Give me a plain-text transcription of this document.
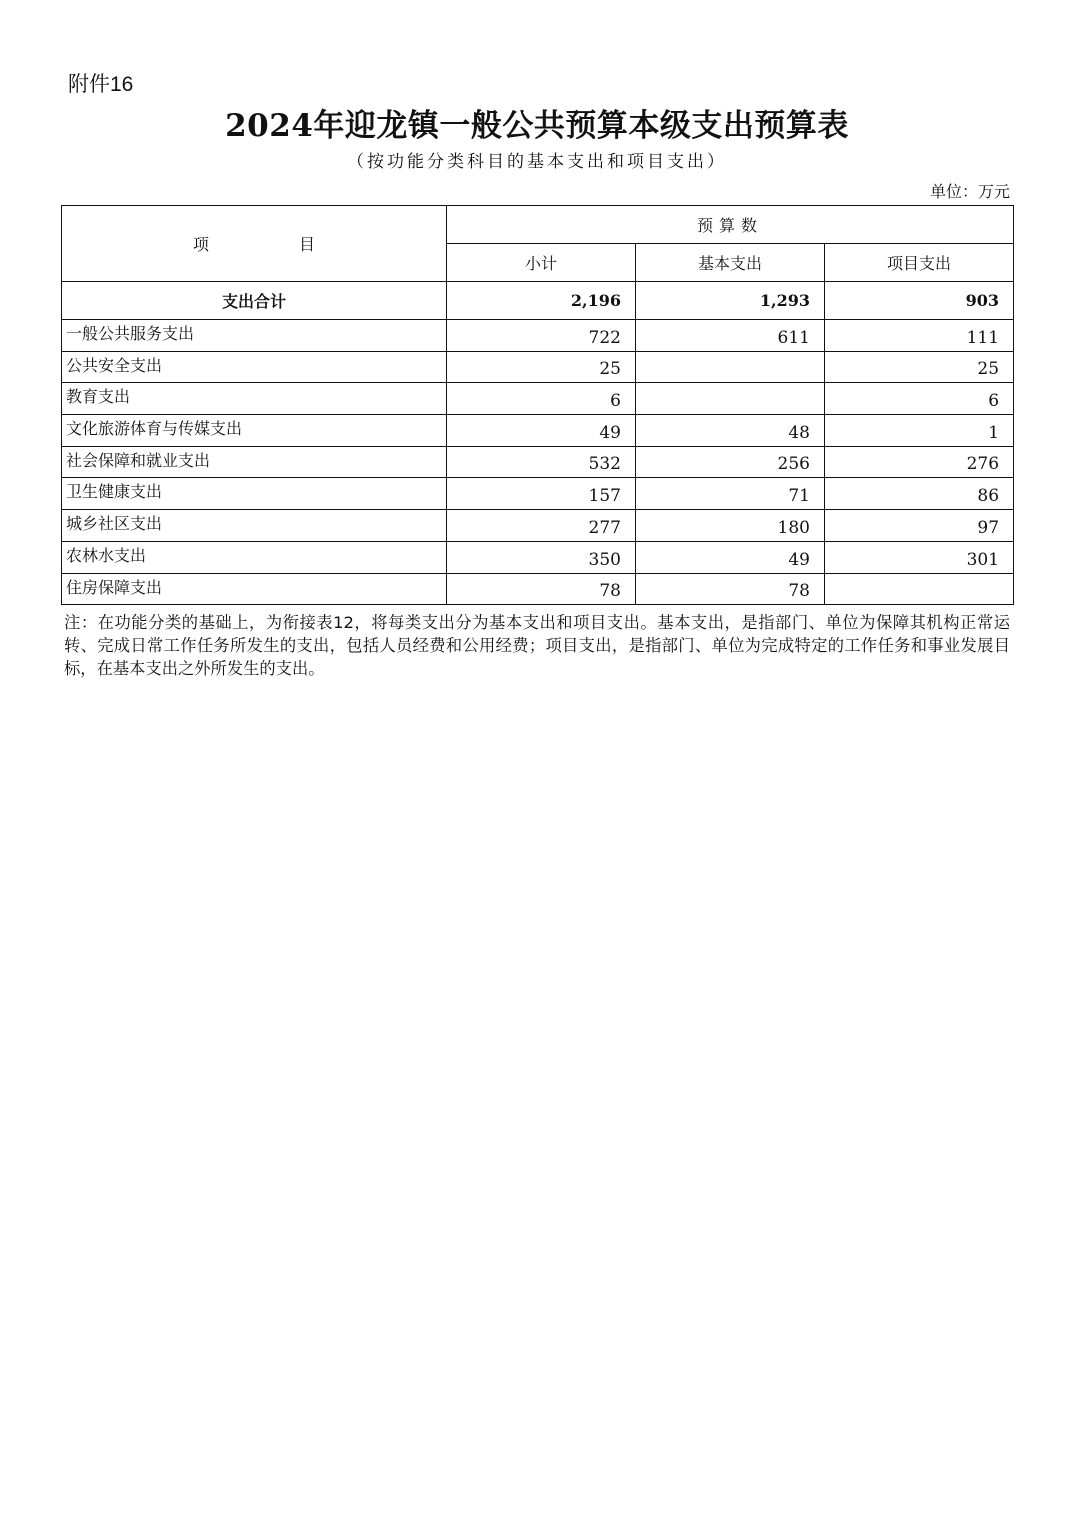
附件16
2024年迎龙镇一般公共预算本级支出预算表
（按功能分类科目的基本支出和项目支出）
单位：万元
项 目	预算数		
	小计	基本支出	项目支出
支出合计	2,196	1,293	903
一般公共服务支出	722	611	111
公共安全支出	25		25
教育支出	6		6
文化旅游体育与传媒支出	49	48	1
社会保障和就业支出	532	256	276
卫生健康支出	157	71	86
城乡社区支出	277	180	97
农林水支出	350	49	301
住房保障支出	78	78	
注：在功能分类的基础上，为衔接表12，将每类支出分为基本支出和项目支出。基本支出，是指部门、单位为保障其机构正常运转、完成日常工作任务所发生的支出，包括人员经费和公用经费；项目支出，是指部门、单位为完成特定的工作任务和事业发展目标，在基本支出之外所发生的支出。
